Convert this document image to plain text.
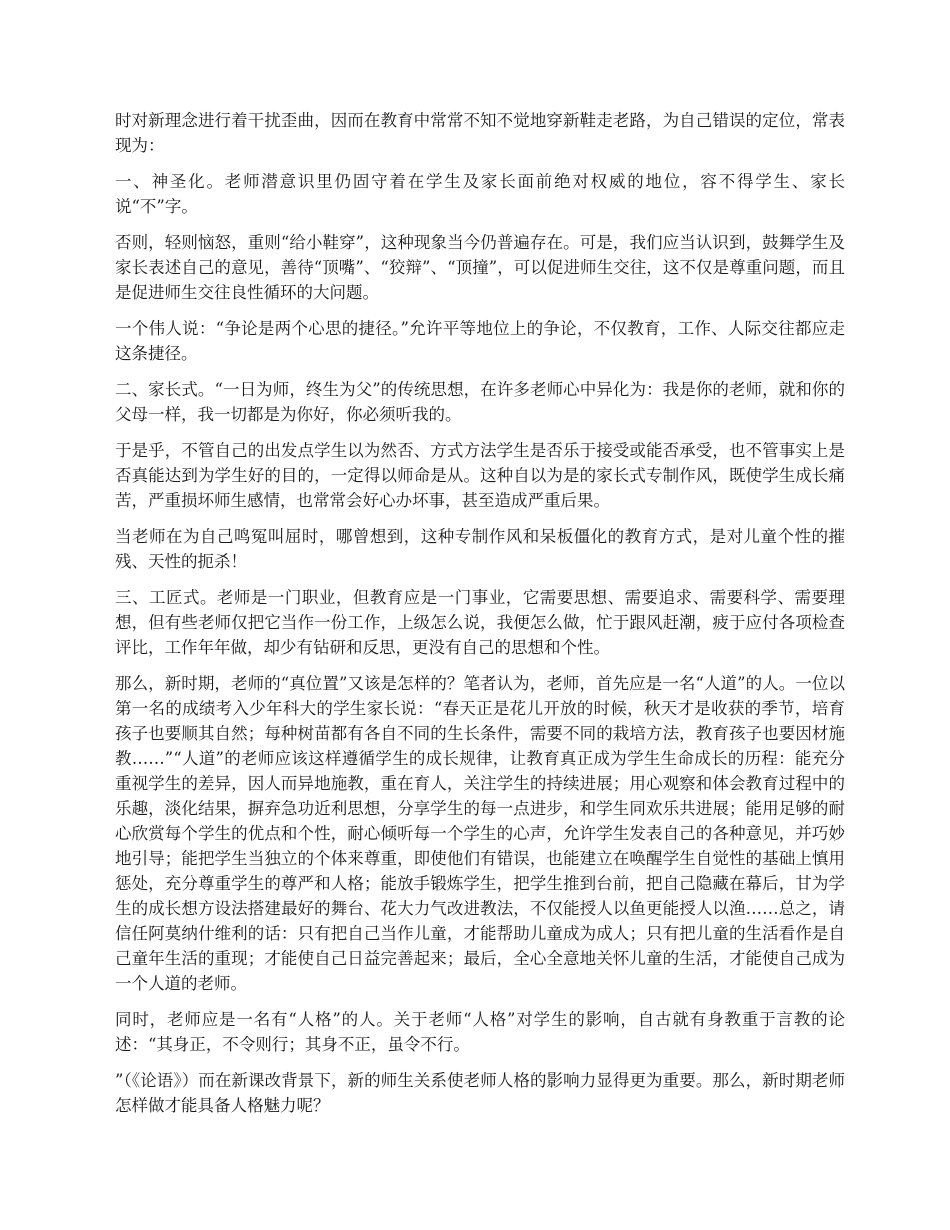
时对新理念进行着干扰歪曲，因而在教育中常常不知不觉地穿新鞋走老路，为自己错误的定位，常表现为：

一、神圣化。老师潜意识里仍固守着在学生及家长面前绝对权威的地位，容不得学生、家长说“不”字。

否则，轻则恼怒，重则“给小鞋穿”，这种现象当今仍普遍存在。可是，我们应当认识到，鼓舞学生及家长表述自己的意见，善待“顶嘴”、“狡辩”、“顶撞”，可以促进师生交往，这不仅是尊重问题，而且是促进师生交往良性循环的大问题。

一个伟人说：“争论是两个心思的捷径。”允许平等地位上的争论，不仅教育，工作、人际交往都应走这条捷径。

二、家长式。“一日为师，终生为父”的传统思想，在许多老师心中异化为：我是你的老师，就和你的父母一样，我一切都是为你好，你必须听我的。

于是乎，不管自己的出发点学生以为然否、方式方法学生是否乐于接受或能否承受，也不管事实上是否真能达到为学生好的目的，一定得以师命是从。这种自以为是的家长式专制作风，既使学生成长痛苦，严重损坏师生感情，也常常会好心办坏事，甚至造成严重后果。

当老师在为自己鸣冤叫屈时，哪曾想到，这种专制作风和呆板僵化的教育方式，是对儿童个性的摧残、天性的扼杀！

三、工匠式。老师是一门职业，但教育应是一门事业，它需要思想、需要追求、需要科学、需要理想，但有些老师仅把它当作一份工作，上级怎么说，我便怎么做，忙于跟风赶潮，疲于应付各项检查评比，工作年年做，却少有钻研和反思，更没有自己的思想和个性。

那么，新时期，老师的“真位置”又该是怎样的？笔者认为，老师，首先应是一名“人道”的人。一位以第一名的成绩考入少年科大的学生家长说：“春天正是花儿开放的时候，秋天才是收获的季节，培育孩子也要顺其自然；每种树苗都有各自不同的生长条件，需要不同的栽培方法，教育孩子也要因材施教……”“人道”的老师应该这样遵循学生的成长规律，让教育真正成为学生生命成长的历程：能充分重视学生的差异，因人而异地施教，重在育人，关注学生的持续进展；用心观察和体会教育过程中的乐趣，淡化结果，摒弃急功近利思想，分享学生的每一点进步，和学生同欢乐共进展；能用足够的耐心欣赏每个学生的优点和个性，耐心倾听每一个学生的心声，允许学生发表自己的各种意见，并巧妙地引导；能把学生当独立的个体来尊重，即使他们有错误，也能建立在唤醒学生自觉性的基础上慎用惩处，充分尊重学生的尊严和人格；能放手锻炼学生，把学生推到台前，把自己隐藏在幕后，甘为学生的成长想方设法搭建最好的舞台、花大力气改进教法，不仅能授人以鱼更能授人以渔……总之，请信任阿莫纳什维利的话：只有把自己当作儿童，才能帮助儿童成为成人；只有把儿童的生活看作是自己童年生活的重现；才能使自己日益完善起来；最后，全心全意地关怀儿童的生活，才能使自己成为一个人道的老师。

同时，老师应是一名有“人格”的人。关于老师“人格”对学生的影响，自古就有身教重于言教的论述：“其身正，不令则行；其身不正，虽令不行。

”（《论语》）而在新课改背景下，新的师生关系使老师人格的影响力显得更为重要。那么，新时期老师怎样做才能具备人格魅力呢？
